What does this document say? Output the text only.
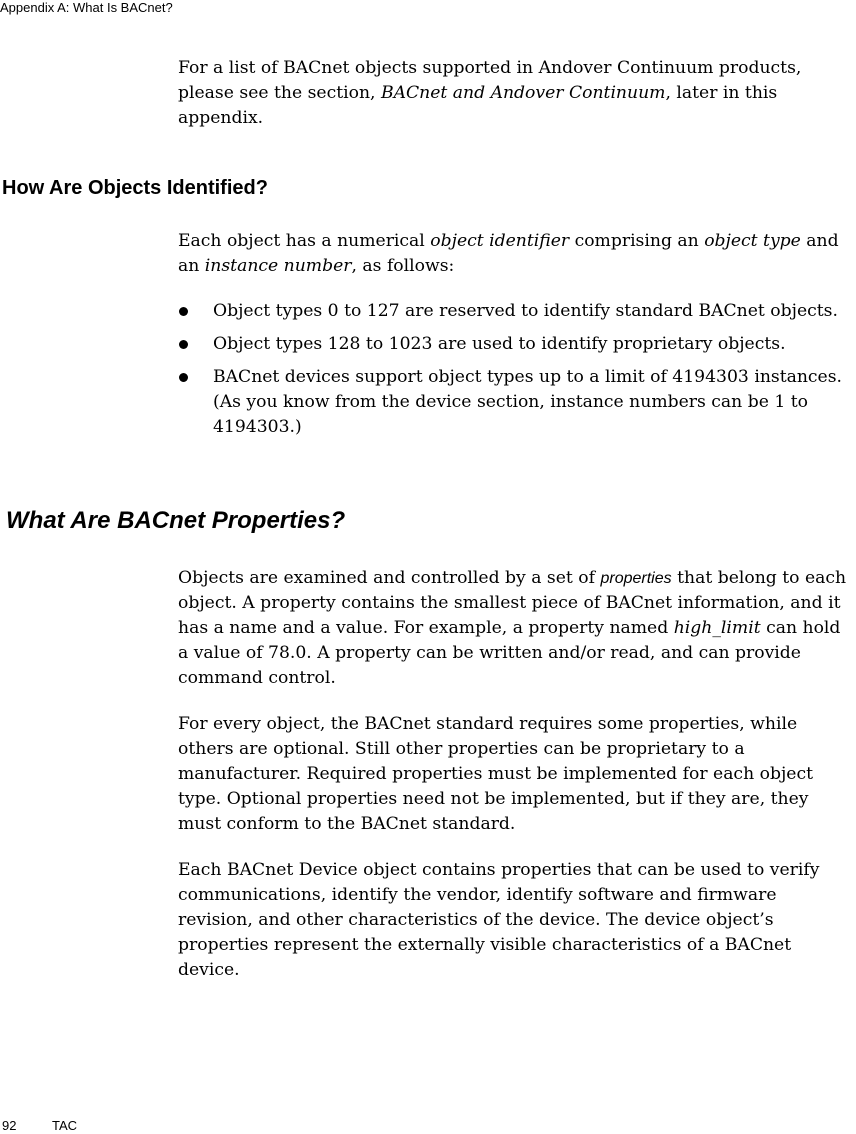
Appendix A: What Is BACnet?

For a list of BACnet objects supported in Andover Continuum products, please see the section, BACnet and Andover Continuum, later in this appendix.

How Are Objects Identified?

Each object has a numerical object identifier comprising an object type and an instance number, as follows:

Object types 0 to 127 are reserved to identify standard BACnet objects.
Object types 128 to 1023 are used to identify proprietary objects.
BACnet devices support object types up to a limit of 4194303 instances. (As you know from the device section, instance numbers can be 1 to 4194303.)
What Are BACnet Properties?

Objects are examined and controlled by a set of properties that belong to each object. A property contains the smallest piece of BACnet information, and it has a name and a value. For example, a property named high_limit can hold a value of 78.0. A property can be written and/or read, and can provide command control.

For every object, the BACnet standard requires some properties, while others are optional. Still other properties can be proprietary to a manufacturer. Required properties must be implemented for each object type. Optional properties need not be implemented, but if they are, they must conform to the BACnet standard.

Each BACnet Device object contains properties that can be used to verify communications, identify the vendor, identify software and firmware revision, and other characteristics of the device. The device object’s properties represent the externally visible characteristics of a BACnet device.

92	TAC
